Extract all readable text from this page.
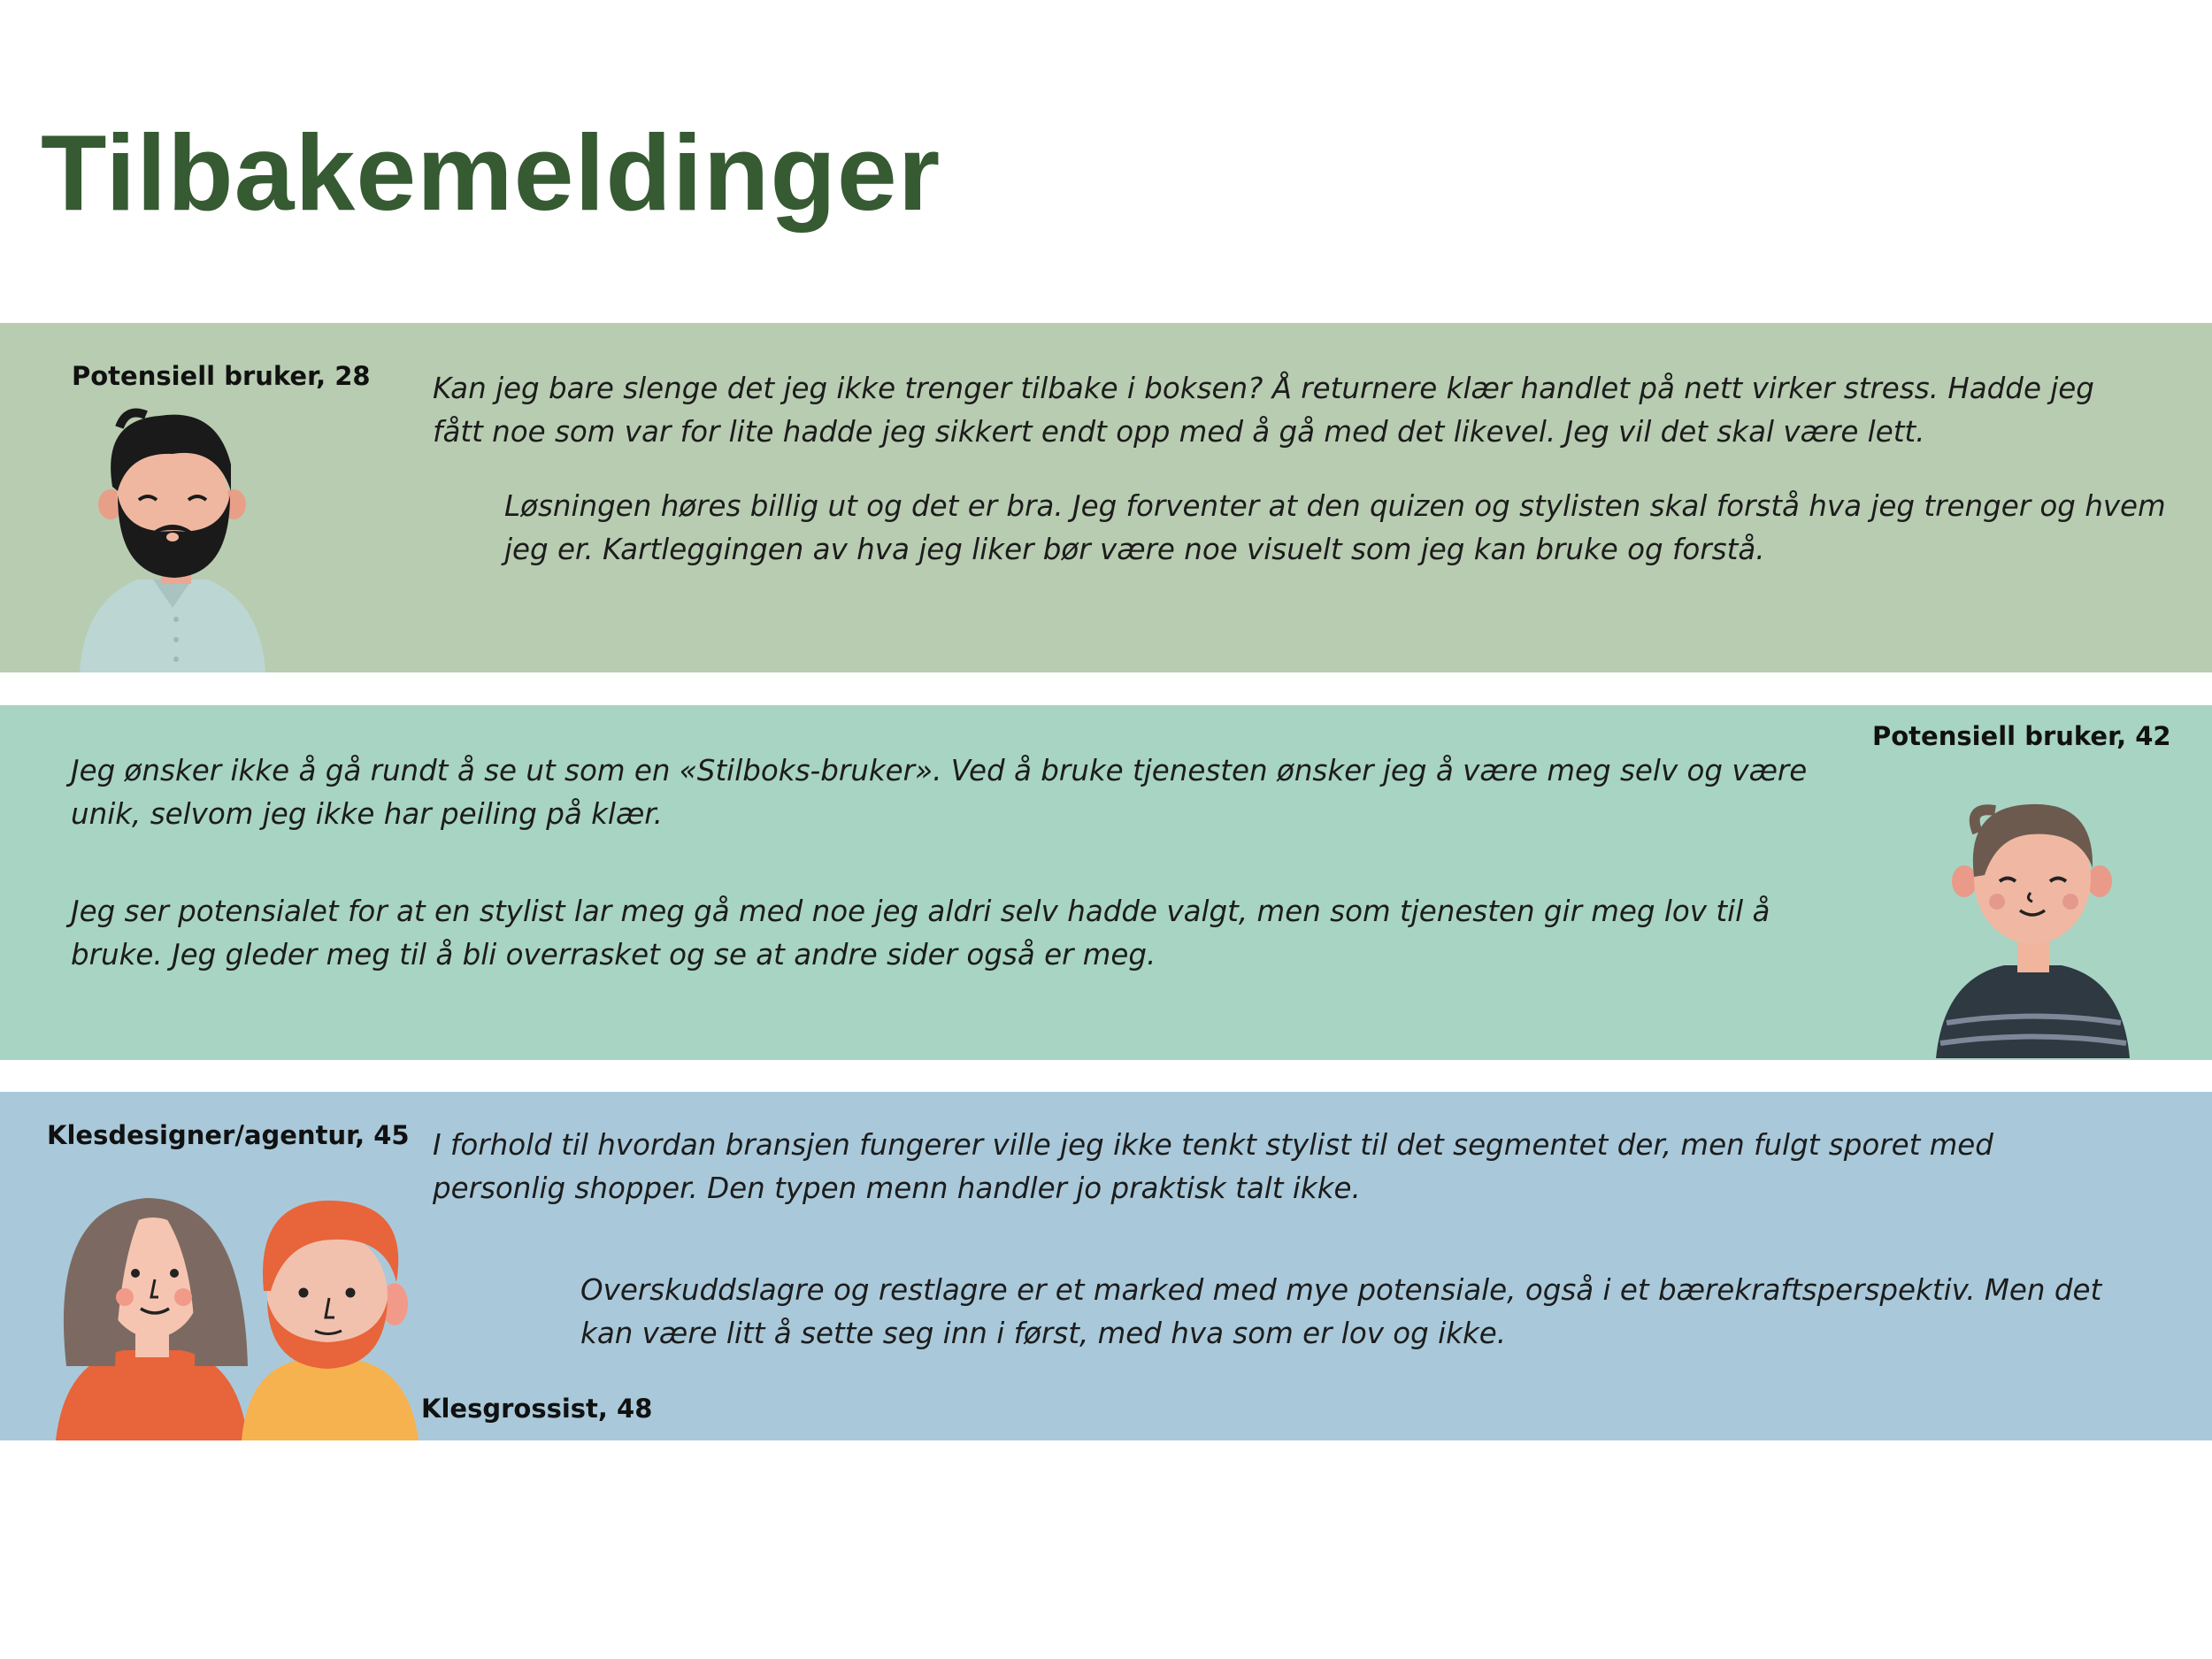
Tilbakemeldinger

Potensiell bruker, 28 Kan jeg bare slenge det jeg ikke trenger tilbake i boksen? Å returnere klær handlet på nett virker stress. Hadde jeg fått noe som var for lite hadde jeg sikkert endt opp med å gå med det likevel. Jeg vil det skal være lett.

Løsningen høres billig ut og det er bra. Jeg forventer at den quizen og stylisten skal forstå hva jeg trenger og hvem jeg er. Kartleggingen av hva jeg liker bør være noe visuelt som jeg kan bruke og forstå.

Potensiell bruker, 42

Jeg ønsker ikke å gå rundt å se ut som en «Stilboks-bruker». Ved å bruke tjenesten ønsker jeg å være meg selv og være unik, selvom jeg ikke har peiling på klær.

Jeg ser potensialet for at en stylist lar meg gå med noe jeg aldri selv hadde valgt, men som tjenesten gir meg lov til å bruke. Jeg gleder meg til å bli overrasket og se at andre sider også er meg.

Klesdesigner/agentur, 45

Klesgrossist, 48

I forhold til hvordan bransjen fungerer ville jeg ikke tenkt stylist til det segmentet der, men fulgt sporet med personlig shopper. Den typen menn handler jo praktisk talt ikke.

Overskuddslagre og restlagre er et marked med mye potensiale, også i et bærekraftsperspektiv. Men det kan være litt å sette seg inn i først, med hva som er lov og ikke.
